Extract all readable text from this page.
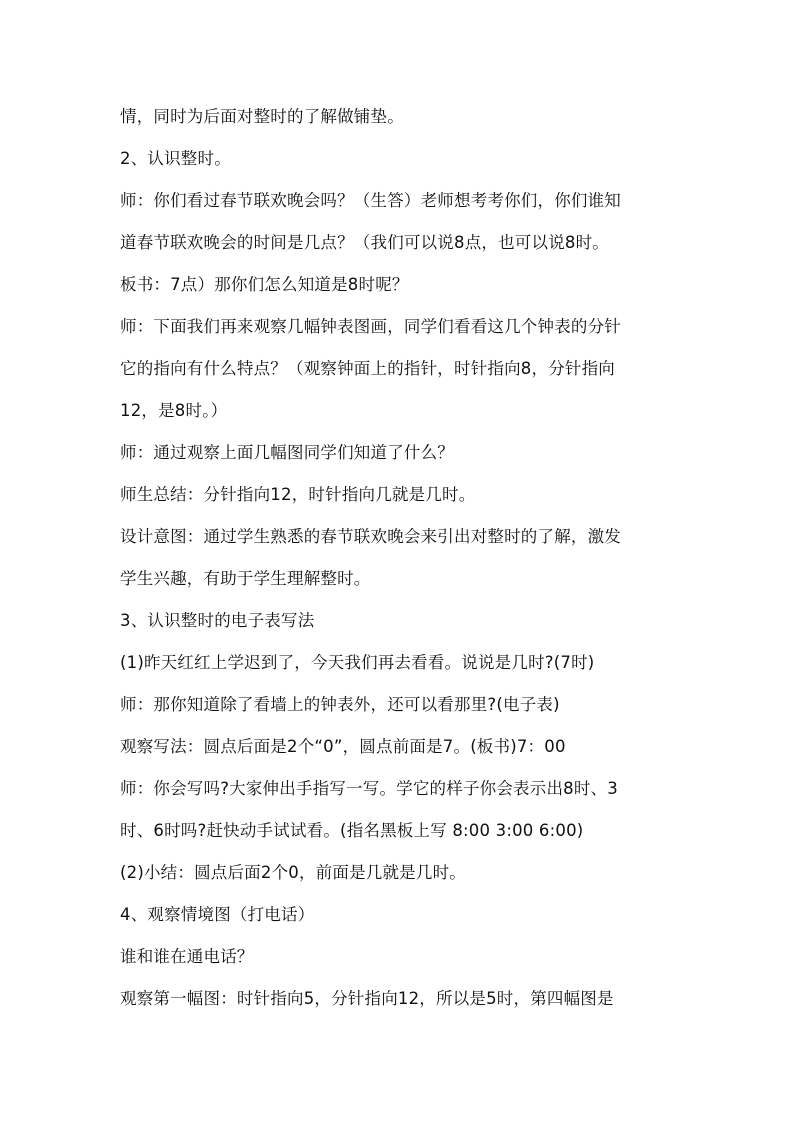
情，同时为后面对整时的了解做铺垫。
2、认识整时。
师：你们看过春节联欢晚会吗？（生答）老师想考考你们，你们谁知
道春节联欢晚会的时间是几点？（我们可以说8点，也可以说8时。
板书：7点）那你们怎么知道是8时呢？
师：下面我们再来观察几幅钟表图画，同学们看看这几个钟表的分针
它的指向有什么特点？（观察钟面上的指针，时针指向8，分针指向
12，是8时。）
师：通过观察上面几幅图同学们知道了什么？
师生总结：分针指向12，时针指向几就是几时。
设计意图：通过学生熟悉的春节联欢晚会来引出对整时的了解，激发
学生兴趣，有助于学生理解整时。
3、认识整时的电子表写法
(1)昨天红红上学迟到了，今天我们再去看看。说说是几时?(7时)
师：那你知道除了看墙上的钟表外，还可以看那里?(电子表)
观察写法：圆点后面是2个“0”，圆点前面是7。(板书)7：00
师：你会写吗?大家伸出手指写一写。学它的样子你会表示出8时、3
时、6时吗?赶快动手试试看。(指名黑板上写 8:00 3:00 6:00)
(2)小结：圆点后面2个0，前面是几就是几时。
4、观察情境图（打电话）
谁和谁在通电话？
观察第一幅图：时针指向5，分针指向12，所以是5时，第四幅图是
